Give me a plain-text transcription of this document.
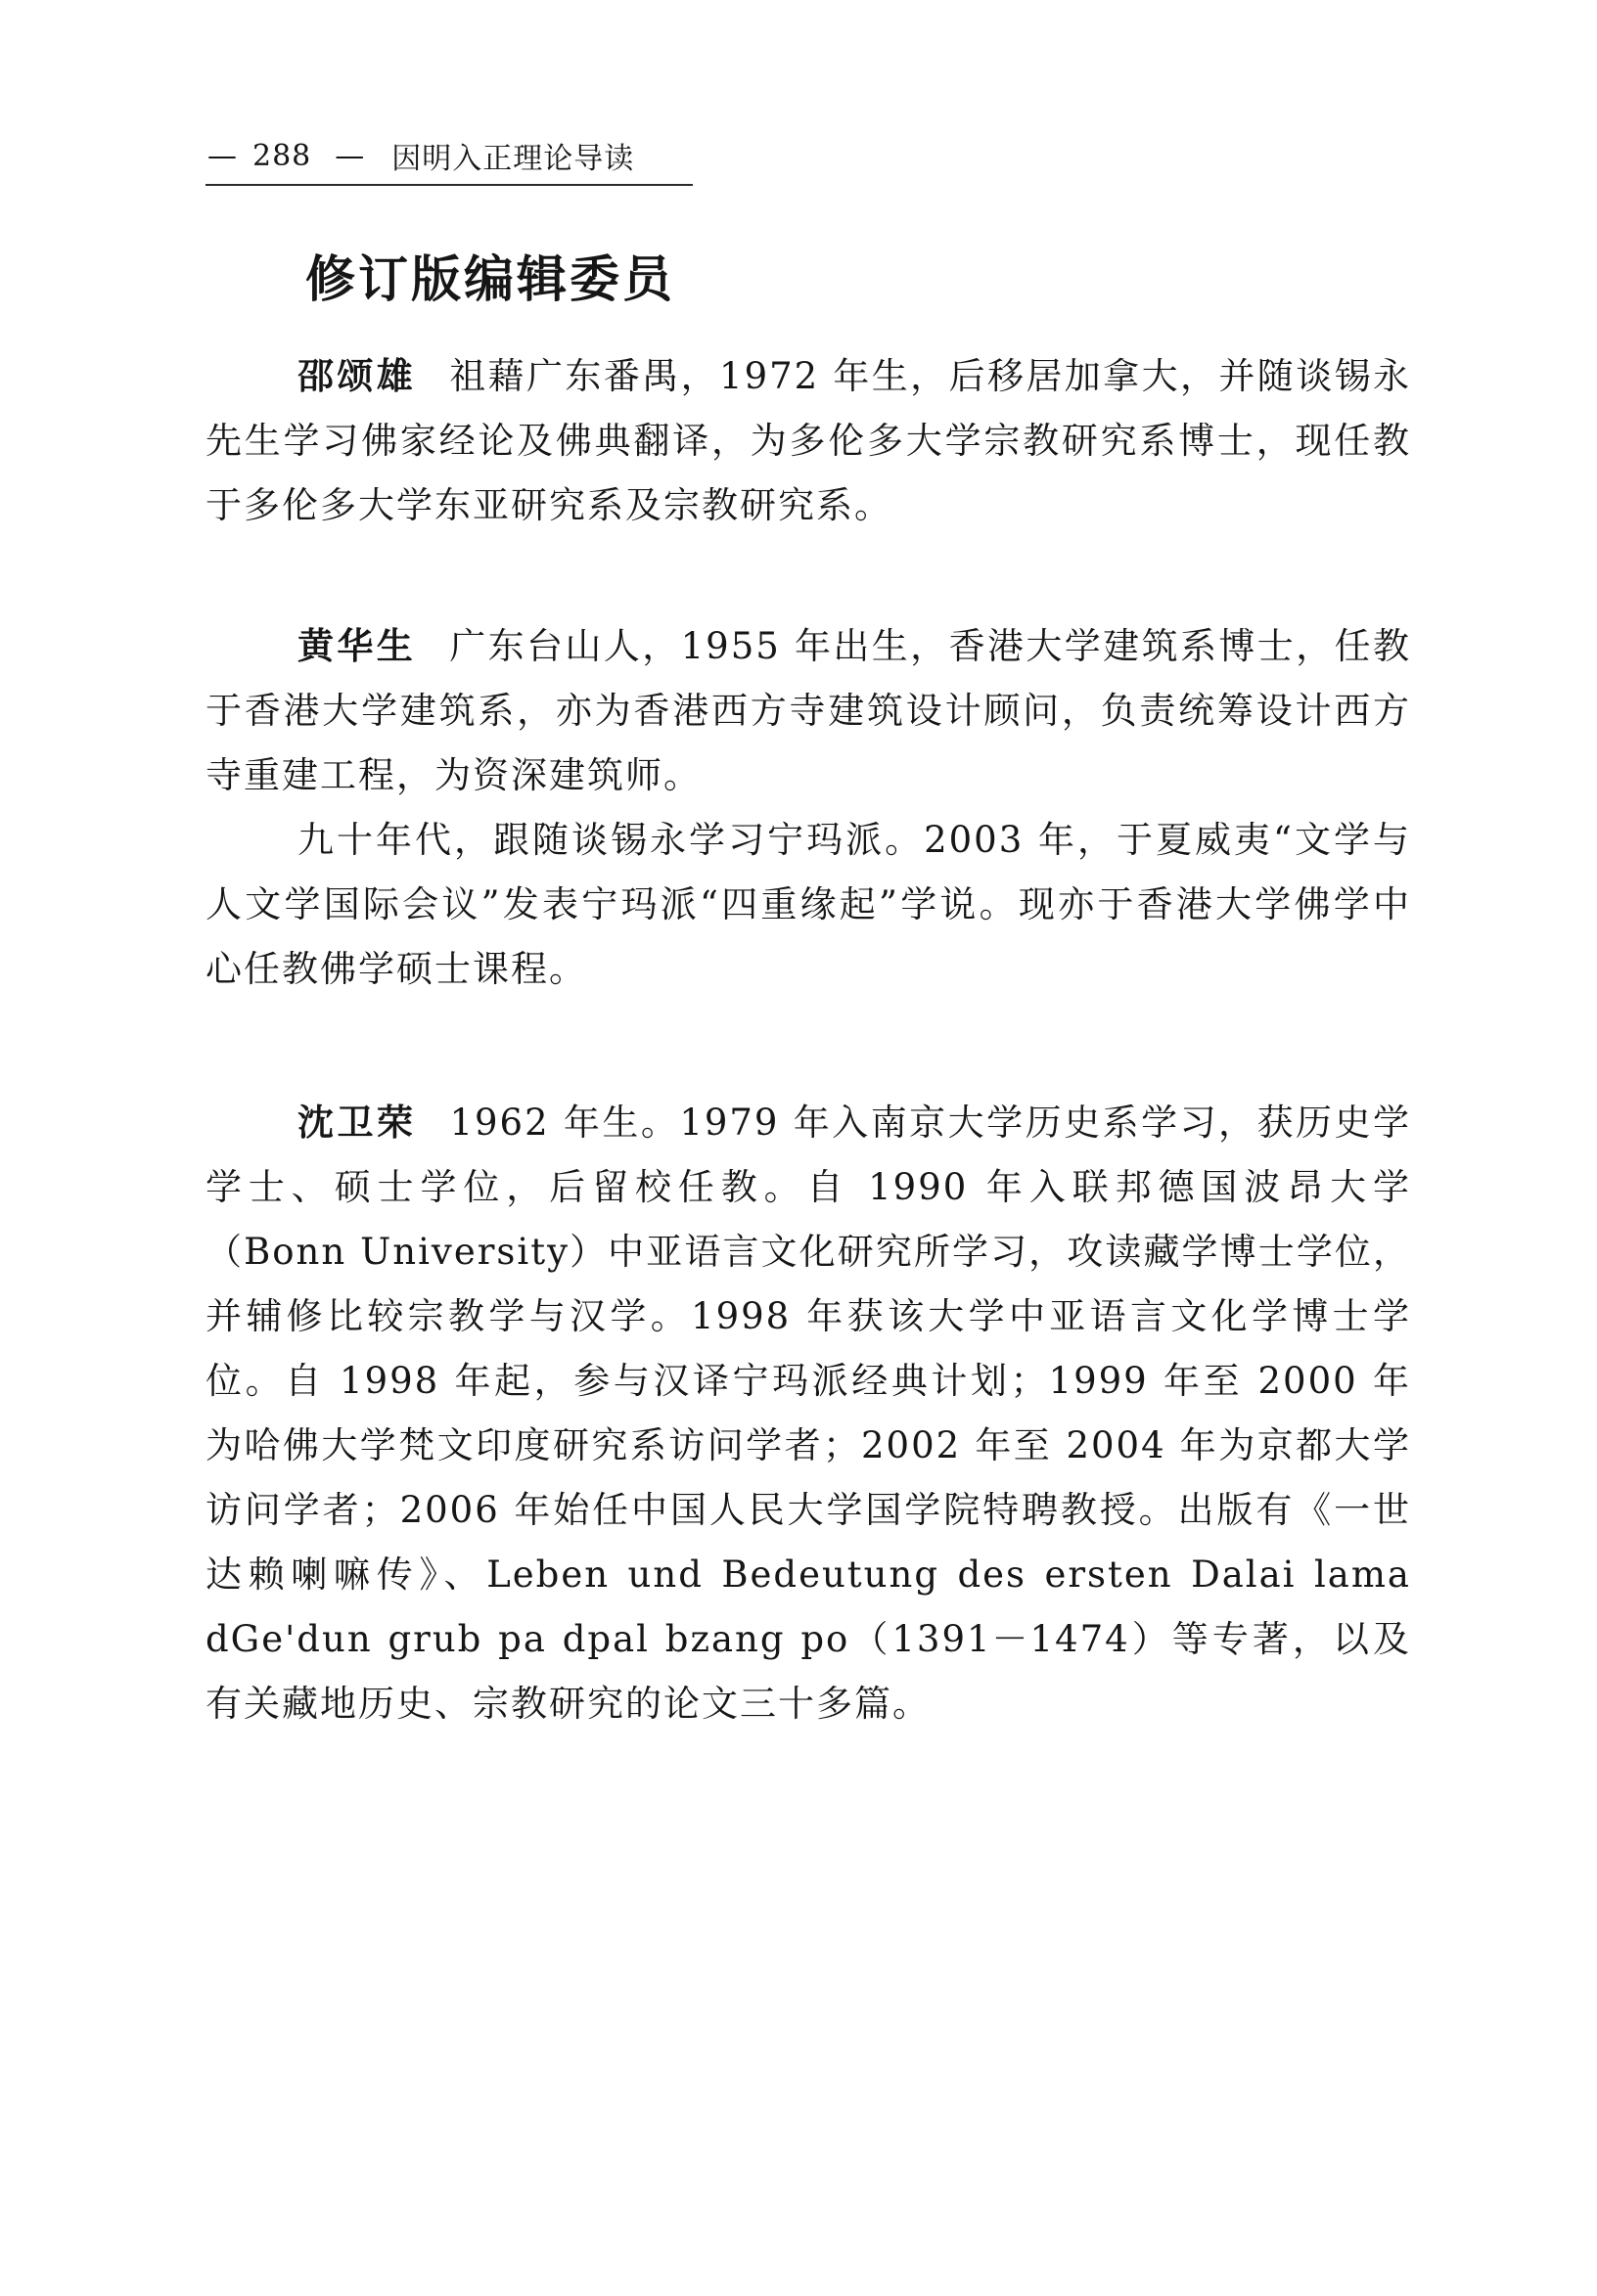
— 288 — 因明入正理论导读
修订版编辑委员

邵颂雄 祖藉广东番禺，1972 年生，后移居加拿大，并随谈锡永先生学习佛家经论及佛典翻译，为多伦多大学宗教研究系博士，现任教于多伦多大学东亚研究系及宗教研究系。

黄华生 广东台山人，1955 年出生，香港大学建筑系博士，任教于香港大学建筑系，亦为香港西方寺建筑设计顾问，负责统筹设计西方寺重建工程，为资深建筑师。

九十年代，跟随谈锡永学习宁玛派。2003 年，于夏威夷“文学与人文学国际会议”发表宁玛派“四重缘起”学说。现亦于香港大学佛学中心任教佛学硕士课程。

沈卫荣 1962 年生。1979 年入南京大学历史系学习，获历史学学士、硕士学位，后留校任教。自 1990 年入联邦德国波昂大学（Bonn University）中亚语言文化研究所学习，攻读藏学博士学位，并辅修比较宗教学与汉学。1998 年获该大学中亚语言文化学博士学位。自 1998 年起，参与汉译宁玛派经典计划；1999 年至 2000 年为哈佛大学梵文印度研究系访问学者；2002 年至 2004 年为京都大学访问学者；2006 年始任中国人民大学国学院特聘教授。出版有《一世达赖喇嘛传》、Leben und Bedeutung des ersten Dalai lama dGe'dun grub pa dpal bzang po（1391－1474）等专著，以及有关藏地历史、宗教研究的论文三十多篇。
